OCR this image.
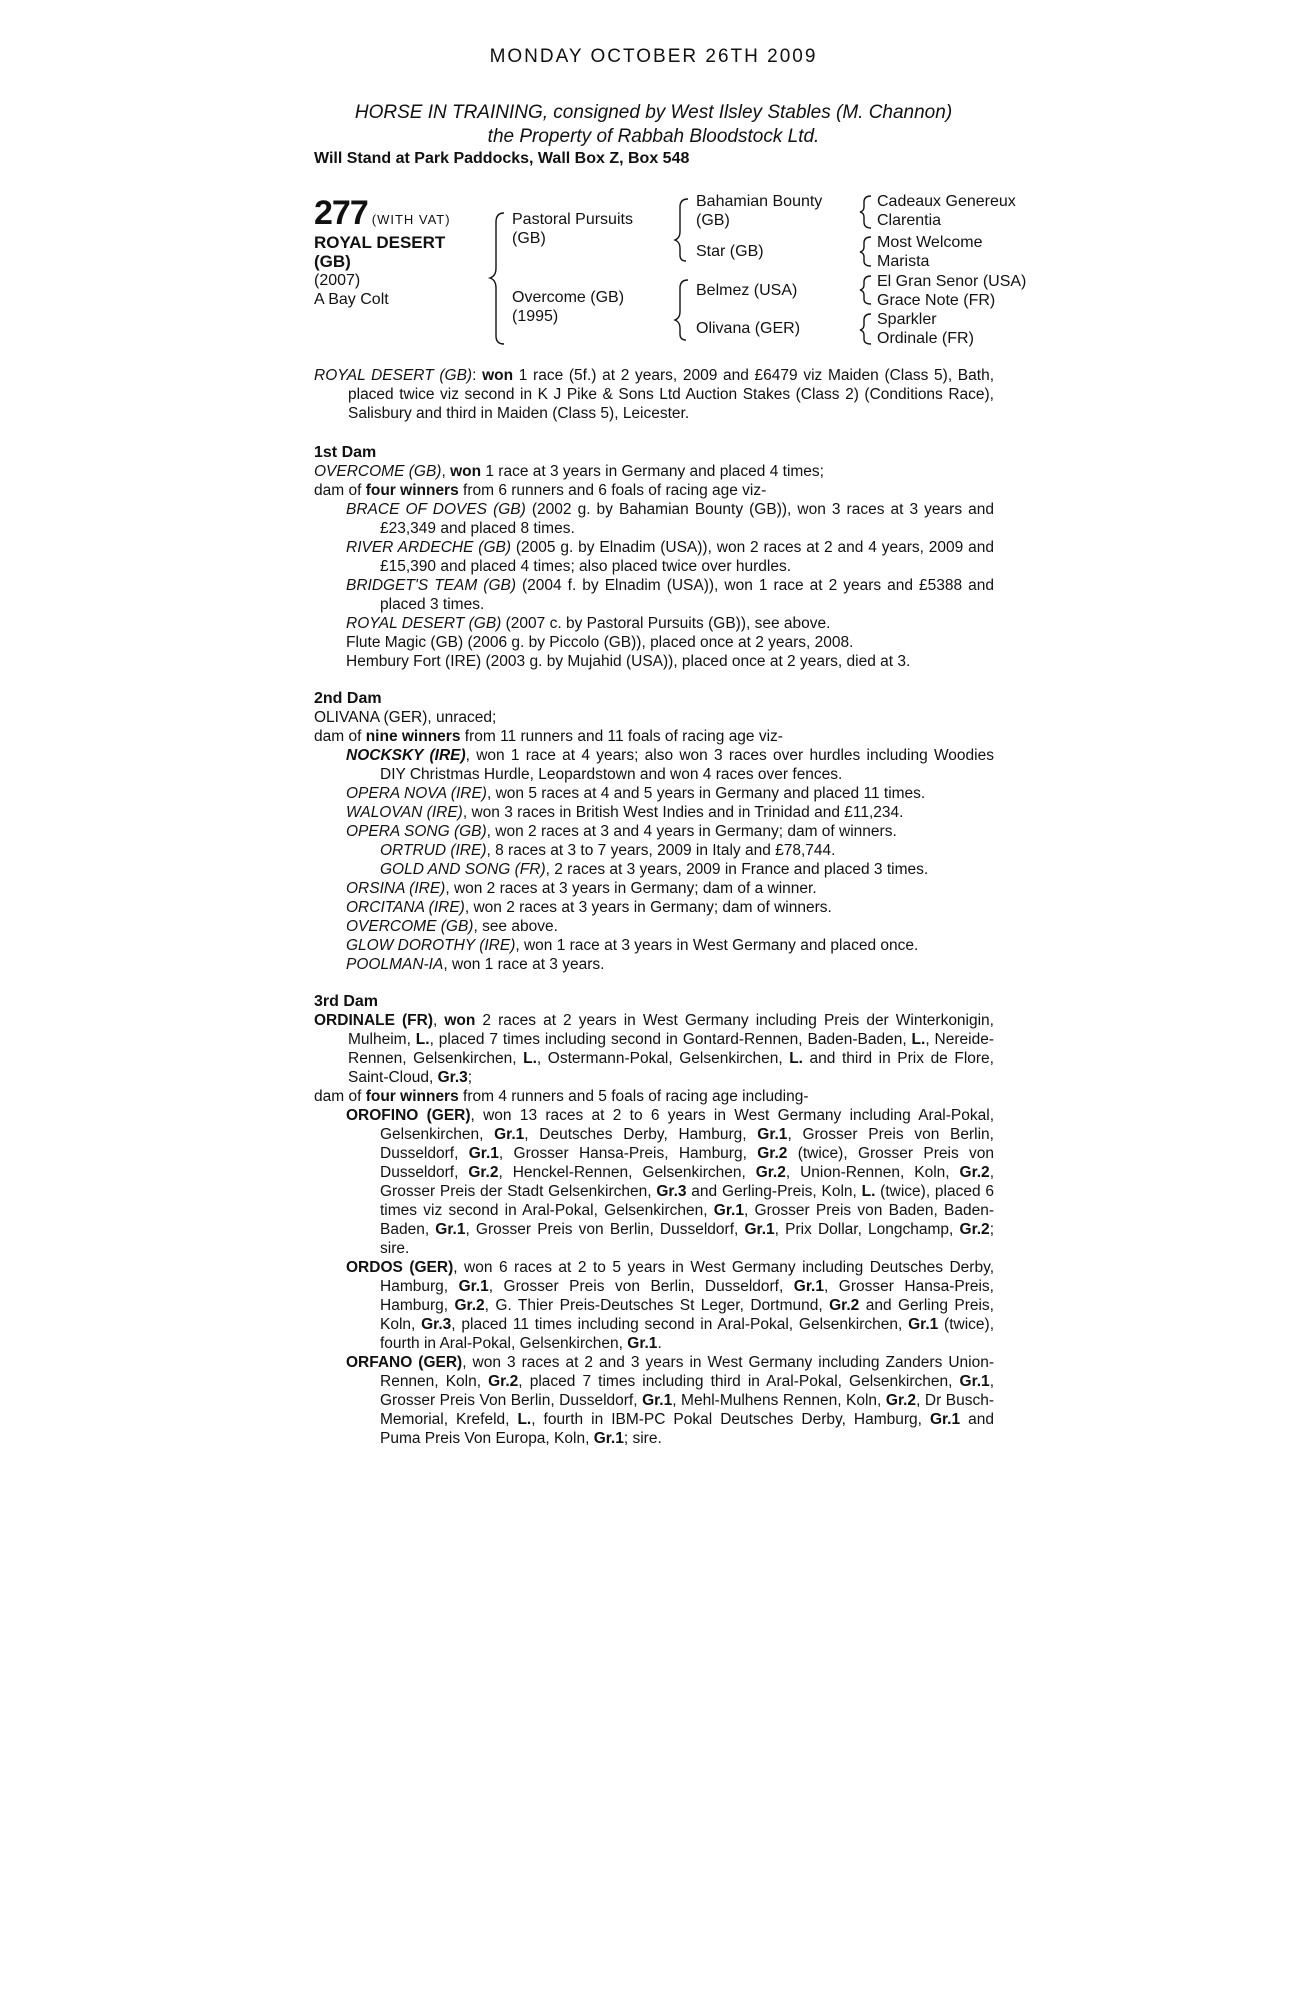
MONDAY OCTOBER 26TH 2009
HORSE IN TRAINING, consigned by West Ilsley Stables (M. Channon)
the Property of Rabbah Bloodstock Ltd.
Will Stand at Park Paddocks, Wall Box Z, Box 548
277 (WITH VAT)
ROYAL DESERT
(GB)
(2007)
A Bay Colt
Pastoral Pursuits
(GB)
Overcome (GB)
(1995)
Bahamian Bounty
(GB)
Star (GB)
Belmez (USA)
Olivana (GER)
Cadeaux Genereux
Clarentia
Most Welcome
Marista
El Gran Senor (USA)
Grace Note (FR)
Sparkler
Ordinale (FR)

ROYAL DESERT (GB): won 1 race (5f.) at 2 years, 2009 and £6479 viz Maiden (Class 5), Bath, placed twice viz second in K J Pike & Sons Ltd Auction Stakes (Class 2) (Conditions Race), Salisbury and third in Maiden (Class 5), Leicester.

1st Dam

OVERCOME (GB), won 1 race at 3 years in Germany and placed 4 times;

dam of four winners from 6 runners and 6 foals of racing age viz-

BRACE OF DOVES (GB) (2002 g. by Bahamian Bounty (GB)), won 3 races at 3 years and £23,349 and placed 8 times.

RIVER ARDECHE (GB) (2005 g. by Elnadim (USA)), won 2 races at 2 and 4 years, 2009 and £15,390 and placed 4 times; also placed twice over hurdles.

BRIDGET'S TEAM (GB) (2004 f. by Elnadim (USA)), won 1 race at 2 years and £5388 and placed 3 times.

ROYAL DESERT (GB) (2007 c. by Pastoral Pursuits (GB)), see above.

Flute Magic (GB) (2006 g. by Piccolo (GB)), placed once at 2 years, 2008.

Hembury Fort (IRE) (2003 g. by Mujahid (USA)), placed once at 2 years, died at 3.

2nd Dam

OLIVANA (GER), unraced;

dam of nine winners from 11 runners and 11 foals of racing age viz-

NOCKSKY (IRE), won 1 race at 4 years; also won 3 races over hurdles including Woodies DIY Christmas Hurdle, Leopardstown and won 4 races over fences.

OPERA NOVA (IRE), won 5 races at 4 and 5 years in Germany and placed 11 times.

WALOVAN (IRE), won 3 races in British West Indies and in Trinidad and £11,234.

OPERA SONG (GB), won 2 races at 3 and 4 years in Germany; dam of winners.

ORTRUD (IRE), 8 races at 3 to 7 years, 2009 in Italy and £78,744.

GOLD AND SONG (FR), 2 races at 3 years, 2009 in France and placed 3 times.

ORSINA (IRE), won 2 races at 3 years in Germany; dam of a winner.

ORCITANA (IRE), won 2 races at 3 years in Germany; dam of winners.

OVERCOME (GB), see above.

GLOW DOROTHY (IRE), won 1 race at 3 years in West Germany and placed once.

POOLMAN-IA, won 1 race at 3 years.

3rd Dam

ORDINALE (FR), won 2 races at 2 years in West Germany including Preis der Winterkonigin, Mulheim, L., placed 7 times including second in Gontard-Rennen, Baden-Baden, L., Nereide-Rennen, Gelsenkirchen, L., Ostermann-Pokal, Gelsenkirchen, L. and third in Prix de Flore, Saint-Cloud, Gr.3;

dam of four winners from 4 runners and 5 foals of racing age including-

OROFINO (GER), won 13 races at 2 to 6 years in West Germany including Aral-Pokal, Gelsenkirchen, Gr.1, Deutsches Derby, Hamburg, Gr.1, Grosser Preis von Berlin, Dusseldorf, Gr.1, Grosser Hansa-Preis, Hamburg, Gr.2 (twice), Grosser Preis von Dusseldorf, Gr.2, Henckel-Rennen, Gelsenkirchen, Gr.2, Union-Rennen, Koln, Gr.2, Grosser Preis der Stadt Gelsenkirchen, Gr.3 and Gerling-Preis, Koln, L. (twice), placed 6 times viz second in Aral-Pokal, Gelsenkirchen, Gr.1, Grosser Preis von Baden, Baden-Baden, Gr.1, Grosser Preis von Berlin, Dusseldorf, Gr.1, Prix Dollar, Longchamp, Gr.2; sire.

ORDOS (GER), won 6 races at 2 to 5 years in West Germany including Deutsches Derby, Hamburg, Gr.1, Grosser Preis von Berlin, Dusseldorf, Gr.1, Grosser Hansa-Preis, Hamburg, Gr.2, G. Thier Preis-Deutsches St Leger, Dortmund, Gr.2 and Gerling Preis, Koln, Gr.3, placed 11 times including second in Aral-Pokal, Gelsenkirchen, Gr.1 (twice), fourth in Aral-Pokal, Gelsenkirchen, Gr.1.

ORFANO (GER), won 3 races at 2 and 3 years in West Germany including Zanders Union-Rennen, Koln, Gr.2, placed 7 times including third in Aral-Pokal, Gelsenkirchen, Gr.1, Grosser Preis Von Berlin, Dusseldorf, Gr.1, Mehl-Mulhens Rennen, Koln, Gr.2, Dr Busch-Memorial, Krefeld, L., fourth in IBM-PC Pokal Deutsches Derby, Hamburg, Gr.1 and Puma Preis Von Europa, Koln, Gr.1; sire.
